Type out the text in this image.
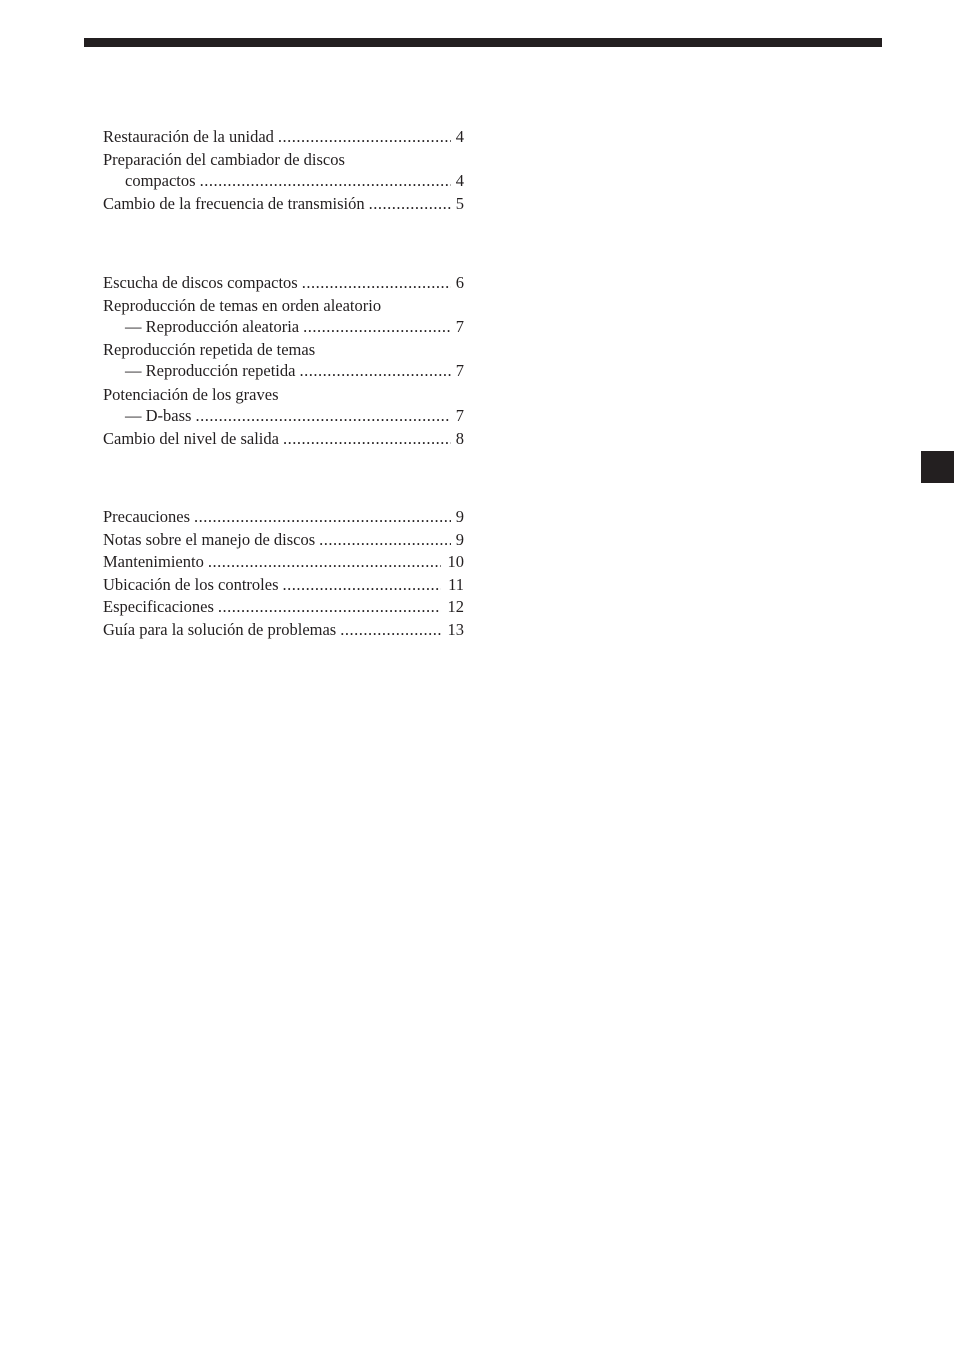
Restauración de la unidad .....	4
Preparación del cambiador de discos
compactos .....	4
Cambio de la frecuencia de transmisión .....	5
Escucha de discos compactos .....	6
Reproducción de temas en orden aleatorio
— Reproducción aleatoria .....	7
Reproducción repetida de temas
— Reproducción repetida .....	7
Potenciación de los graves
— D-bass .....	7
Cambio del nivel de salida .....	8
Precauciones .....	9
Notas sobre el manejo de discos .....	9
Mantenimiento .....	10
Ubicación de los controles .....	11
Especificaciones .....	12
Guía para la solución de problemas .....	13
